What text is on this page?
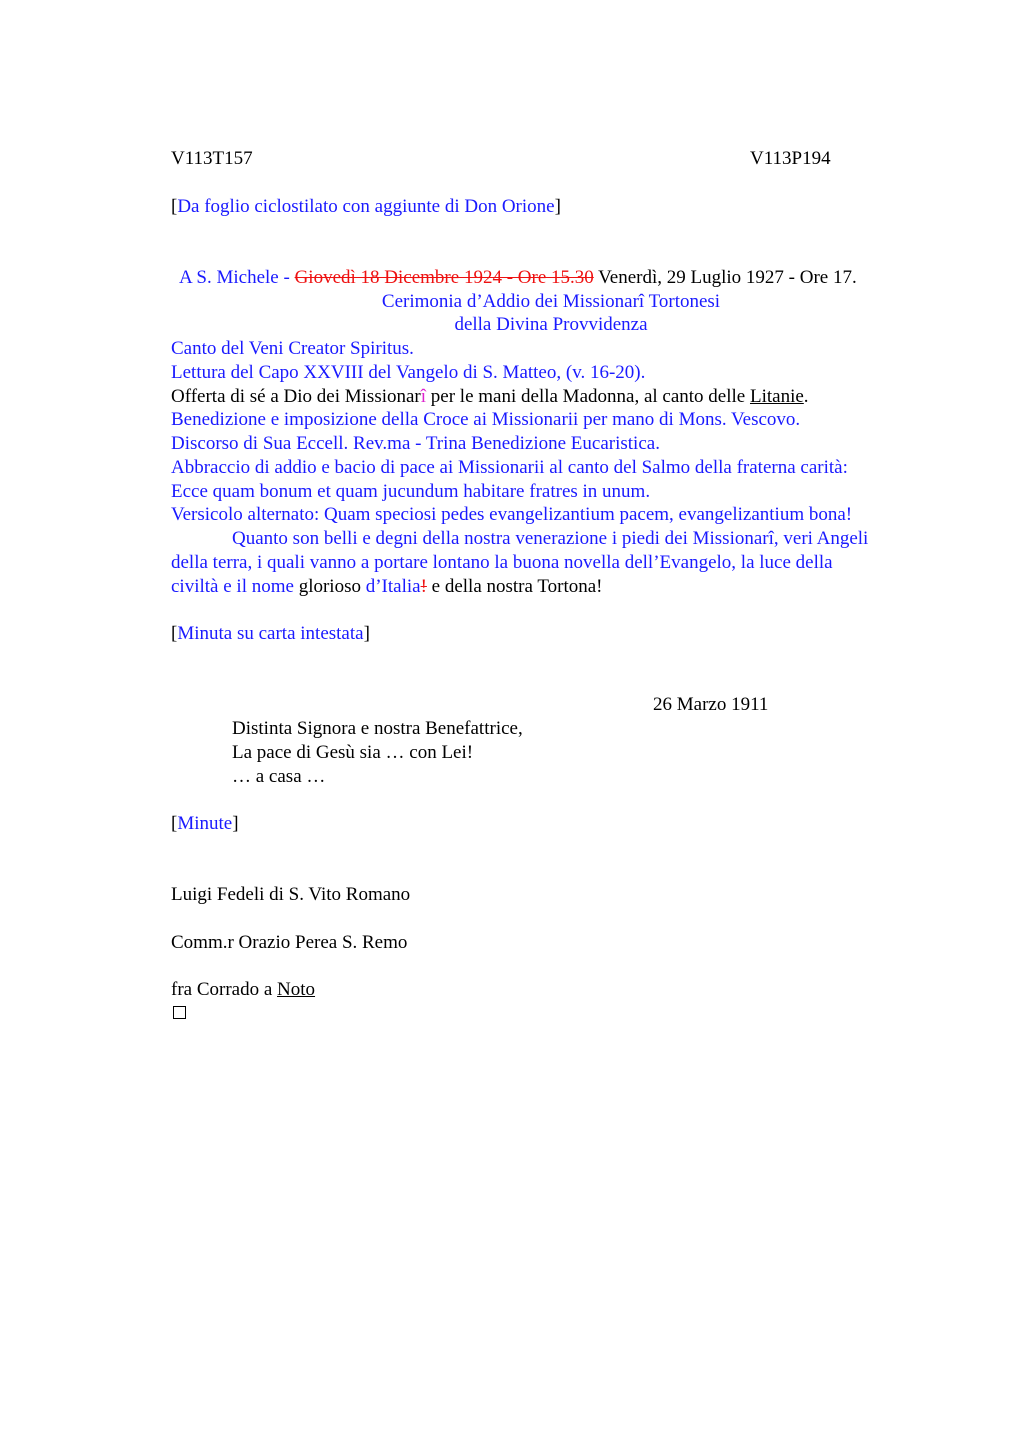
V113T157	V113P194
[Da foglio ciclostilato con aggiunte di Don Orione]
A S. Michele - Giovedì 18 Dicembre 1924 - Ore 15.30 Venerdì, 29 Luglio 1927 - Ore 17.
Cerimonia d’Addio dei Missionarî Tortonesi
della Divina Provvidenza
Canto del Veni Creator Spiritus.
Lettura del Capo XXVIII del Vangelo di S. Matteo, (v. 16-20).
Offerta di sé a Dio dei Missionarî per le mani della Madonna, al canto delle Litanie.
Benedizione e imposizione della Croce ai Missionarii per mano di Mons. Vescovo.
Discorso di Sua Eccell. Rev.ma - Trina Benedizione Eucaristica.
Abbraccio di addio e bacio di pace ai Missionarii al canto del Salmo della fraterna carità:
Ecce quam bonum et quam jucundum habitare fratres in unum.
Versicolo alternato: Quam speciosi pedes evangelizantium pacem, evangelizantium bona!
Quanto son belli e degni della nostra venerazione i piedi dei Missionarî, veri Angeli
della terra, i quali vanno a portare lontano la buona novella dell’Evangelo, la luce della
civiltà e il nome glorioso d’Italia! e della nostra Tortona!
[Minuta su carta intestata]
26 Marzo 1911
Distinta Signora e nostra Benefattrice,
La pace di Gesù sia … con Lei!
… a casa …
[Minute]
Luigi Fedeli di S. Vito Romano
Comm.r Orazio Perea S. Remo
fra Corrado a Noto
